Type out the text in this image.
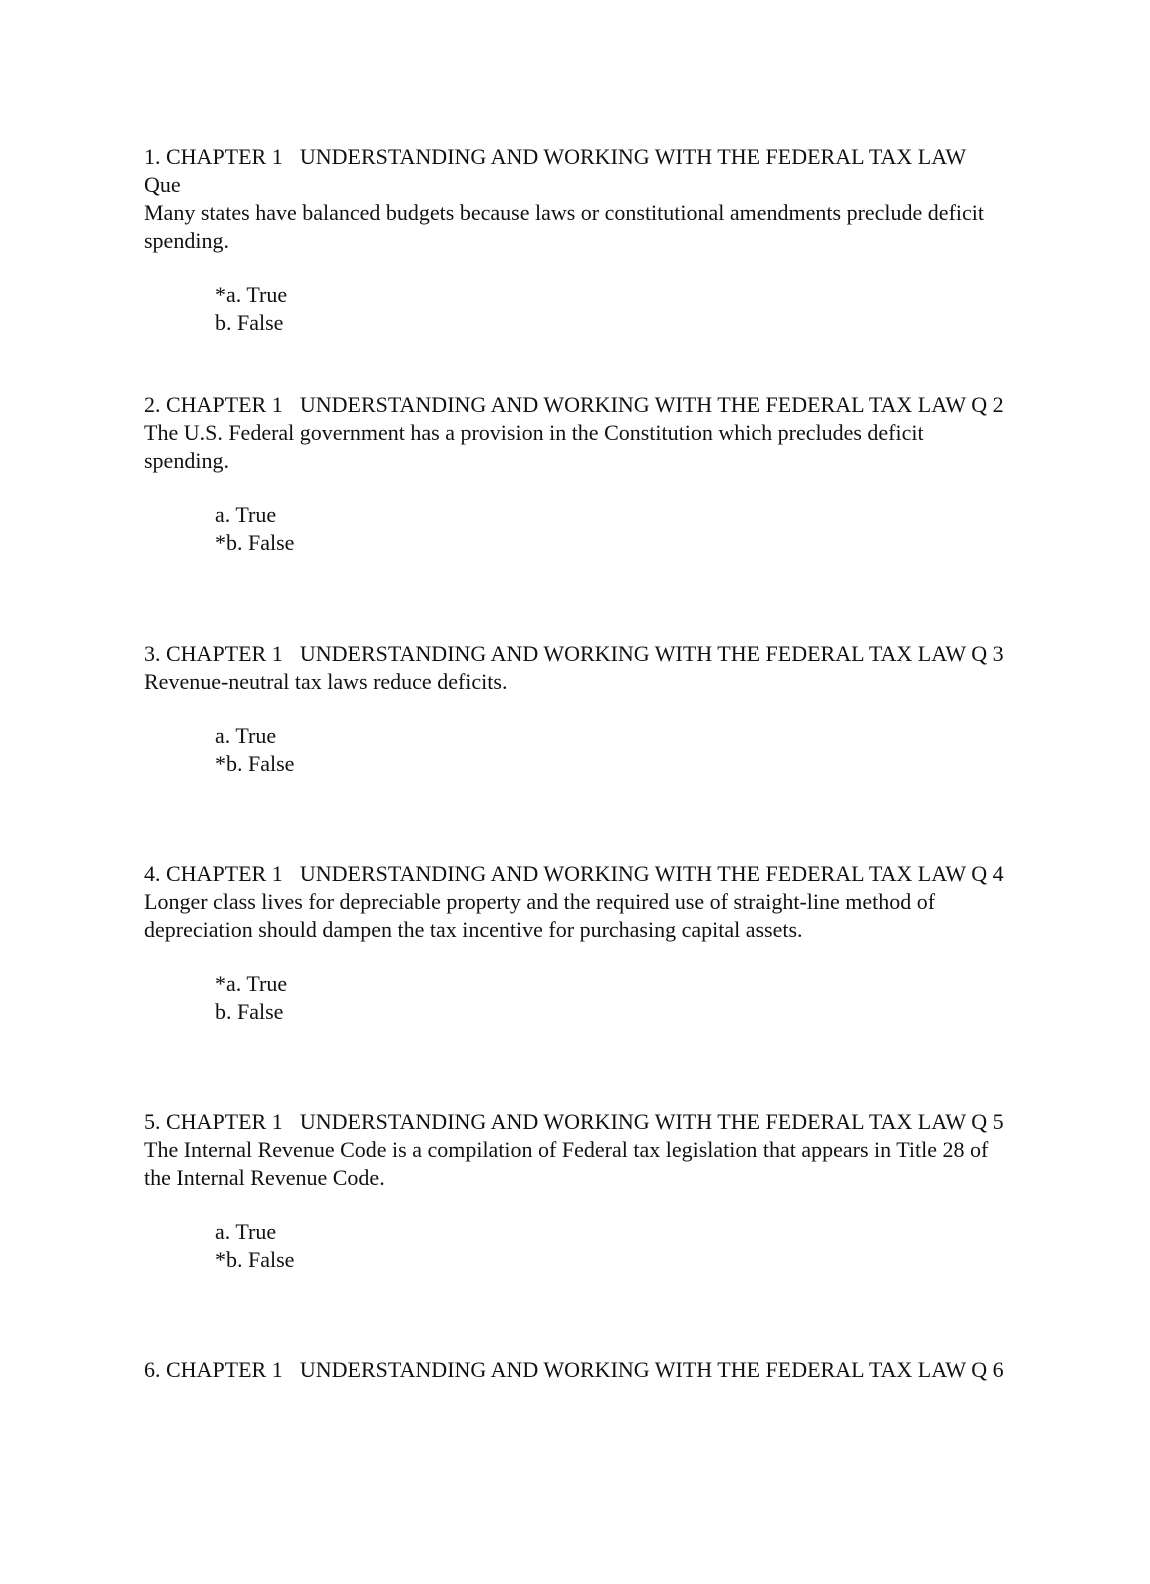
1. CHAPTER 1 UNDERSTANDING AND WORKING WITH THE FEDERAL TAX LAW Que
Many states have balanced budgets because laws or constitutional amendments preclude deficit spending.
*a. True
b. False
2. CHAPTER 1 UNDERSTANDING AND WORKING WITH THE FEDERAL TAX LAW Q 2
The U.S. Federal government has a provision in the Constitution which precludes deficit spending.
a. True
*b. False
3. CHAPTER 1 UNDERSTANDING AND WORKING WITH THE FEDERAL TAX LAW Q 3
Revenue-neutral tax laws reduce deficits.
a. True
*b. False
4. CHAPTER 1 UNDERSTANDING AND WORKING WITH THE FEDERAL TAX LAW Q 4
Longer class lives for depreciable property and the required use of straight-line method of depreciation should dampen the tax incentive for purchasing capital assets.
*a. True
b. False
5. CHAPTER 1 UNDERSTANDING AND WORKING WITH THE FEDERAL TAX LAW Q 5
The Internal Revenue Code is a compilation of Federal tax legislation that appears in Title 28 of the Internal Revenue Code.
a. True
*b. False
6. CHAPTER 1 UNDERSTANDING AND WORKING WITH THE FEDERAL TAX LAW Q 6
